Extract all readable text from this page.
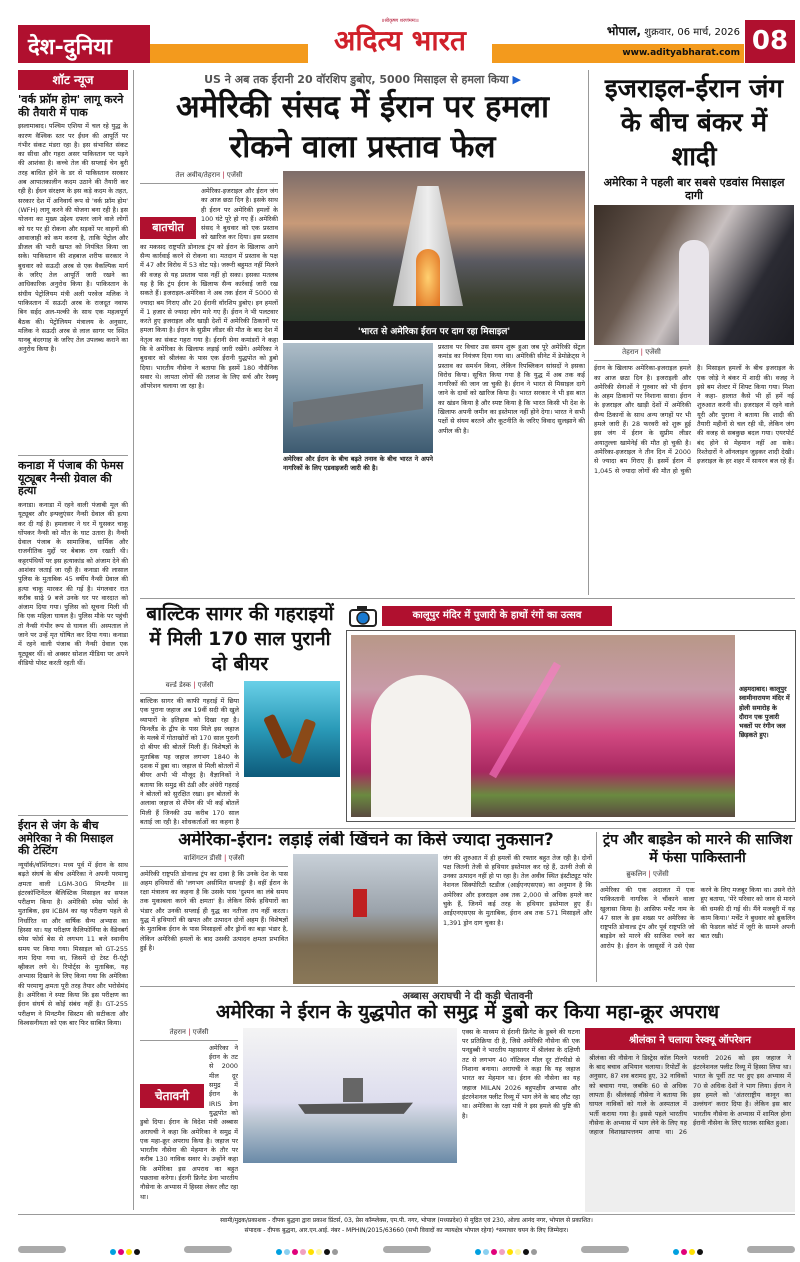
देश-दुनिया
॥श्रीकृष्ण शरणंममः॥
अदित्य भारत	भोपाल, शुक्रवार, 06 मार्च, 2026
www.adityabharat.com 08
शॉट न्यूज
'वर्क फ्रॉम होम' लागू करने की तैयारी में पाक
इस्लामाबाद। पश्चिम एशिया में चल रहे युद्ध के कारण वैश्विक स्तर पर ईंधन की आपूर्ति पर गंभीर संकट मंडरा रहा है। इस संभावित संकट का सीधा और गहरा असर पाकिस्तान पर पड़ने की आशंका है। कच्चे तेल की सप्लाई चेन बुरी तरह बाधित होने के डर से पाकिस्तान सरकार अब आपातकालीन कदम उठाने की तैयारी कर रही है। ईंधन संरक्षण के इस कड़े कदम के तहत, सरकार देश में अनिवार्य रूप से 'वर्क फ्रॉम होम' (WFH) लागू करने की योजना बना रही है। इस योजना का मुख्य उद्देश्य दफ्तर जाने वाले लोगों को घर पर ही रोकना और सड़कों पर वाहनों की आवाजाही को कम करना है, ताकि पेट्रोल और डीजल की भारी खपत को नियंत्रित किया जा सके। पाकिस्तान की शहबाज शरीफ सरकार ने बुधवार को सऊदी अरब से एक वैकल्पिक मार्ग के जरिए तेल आपूर्ति जारी रखने का आधिकारिक अनुरोध किया है। पाकिस्तान के संघीय पेट्रोलियम मंत्री अली परवेज मलिक ने पाकिस्तान में सऊदी अरब के राजदूत नवाफ बिन सईद अल-मल्की के साथ एक महत्वपूर्ण बैठक की। पेट्रोलियम मंत्रालय के अनुसार, मलिक ने सऊदी अरब से लाल सागर पर स्थित यानबू बंदरगाह के जरिए तेल उपलब्ध कराने का अनुरोध किया है।
कनाडा में पंजाब की फेमस यूट्यूबर नैन्सी ग्रेवाल की हत्या
कनाडा। कनाडा में रहने वाली पंजाबी मूल की यूट्यूबर और इन्फ्लुएंसर नैन्सी ग्रेवाल की हत्या कर दी गई है। हमलावर ने घर में घुसकर चाकू घोंपकर नैन्सी को मौत के घाट उतारा है। नैन्सी ग्रेवाल पंजाब के सामाजिक, धार्मिक और राजनीतिक मुद्दों पर बेबाक राय रखती थी। कट्टरपंथियों पर इस हत्याकांड को अंजाम देने की आशंका जताई जा रही है। कनाडा की लासाल पुलिस के मुताबिक 45 वर्षीय नैन्सी ग्रेवाल की हत्या चाकू मारकर की गई है। मंगलवार रात करीब साढ़े 9 बजे उनके घर पर वारदात को अंजाम दिया गया। पुलिस को सूचना मिली थी कि एक महिला घायल है। पुलिस मौके पर पहुंची तो नैन्सी गंभीर रूप से घायल थीं। अस्पताल ले जाने पर उन्हें मृत घोषित कर दिया गया। कनाडा में रहने वाली पंजाब की नैन्सी ग्रेवाल एक यूट्यूबर थीं। वो अक्सर सोशल मीडिया पर अपने वीडियो पोस्ट करती रहती थीं।
ईरान से जंग के बीच अमेरिका ने की मिसाइल की टेस्टिंग
न्यूयॉर्क/वॉशिंगटन। मध्य पूर्व में ईरान के साथ बढ़ते संघर्ष के बीच अमेरिका ने अपनी परमाणु क्षमता वाली LGM-30G मिनटमैन III इंटरकॉन्टिनेंटल बैलिस्टिक मिसाइल का सफल परीक्षण किया है। अमेरिकी स्पेस फोर्स के मुताबिक, इस ICBM का यह परीक्षण पहले से निर्धारित था और वार्षिक सैन्य अभ्यास का हिस्सा था। यह परीक्षण कैलिफोर्निया के वैंडेनबर्ग स्पेस फोर्स बेस से लगभग 11 बजे स्थानीय समय पर किया गया। मिसाइल को GT-255 नाम दिया गया था, जिसमें दो टेस्ट री-एंट्री व्हीकल लगे थे। रिपोर्ट्स के मुताबिक, यह अभ्यास दिखाने के लिए किया गया कि अमेरिका की परमाणु क्षमता पूरी तरह तैयार और भरोसेमंद है। अमेरिका ने स्पष्ट किया कि इस परीक्षण का ईरान संघर्ष से कोई संबंध नहीं है। GT-255 परीक्षण ने मिनटमैन सिस्टम की सटीकता और विश्वसनीयता को एक बार फिर साबित किया।
US ने अब तक ईरानी 20 वॉरशिप डुबोए, 5000 मिसाइल से हमला किया ▶
अमेरिकी संसद में ईरान पर हमला रोकने वाला प्रस्ताव फेल
तेल अवीव/तेहरान | एजेंसी
बातचीत
अमेरिका-इजराइल और ईरान जंग का आज छठा दिन है। इसके साथ ही ईरान पर अमेरिकी हमलों के 100 घंटे पूरे हो गए हैं। अमेरिकी संसद ने बुधवार को एक प्रस्ताव को खारिज कर दिया। इस प्रस्ताव का मकसद राष्ट्रपति डोनाल्ड ट्रंप को ईरान के खिलाफ आगे सैन्य कार्रवाई करने से रोकना था। मतदान में प्रस्ताव के पक्ष में 47 और विरोध में 53 वोट पड़े। जरूरी बहुमत नहीं मिलने की वजह से यह प्रस्ताव पास नहीं हो सका। इसका मतलब यह है कि ट्रंप ईरान के खिलाफ सैन्य कार्रवाई जारी रख सकते हैं। इजराइल-अमेरिका ने अब तक ईरान में 5000 से ज्यादा बम गिराए और 20 ईरानी वॉरशिप डुबोए। इन हमलों में 1 हजार से ज्यादा लोग मारे गए हैं। ईरान ने भी पलटवार करते हुए इजराइल और खाड़ी देशों में अमेरिकी ठिकानों पर हमला किया है। ईरान के सुप्रीम लीडर की मौत के बाद देश में नेतृत्व का संकट गहरा गया है। ईरानी सेना कमांडरों ने कहा कि वे अमेरिका के खिलाफ लड़ाई जारी रखेंगे। अमेरिका ने बुधवार को श्रीलंका के पास एक ईरानी युद्धपोत को डुबो दिया। भारतीय नौसेना ने बताया कि इसमें 180 नौसैनिक सवार थे। लापता लोगों की तलाश के लिए सर्च और रेस्क्यू ऑपरेशन चलाया जा रहा है।
'भारत से अमेरिका ईरान पर दाग रहा मिसाइल'
अमेरिका और ईरान के बीच बढ़ते तनाव के बीच भारत ने अपने नागरिकों के लिए एडवाइजरी जारी की है।
प्रस्ताव पर विचार उस समय शुरू हुआ जब पूरे अमेरिकी सेंट्रल कमांड का नियंत्रण दिया गया था। अमेरिकी सीनेट में डेमोक्रेट्स ने प्रस्ताव का समर्थन किया, लेकिन रिपब्लिकन सांसदों ने इसका विरोध किया। सूचित किया गया है कि युद्ध में अब तक कई नागरिकों की जान जा चुकी है। ईरान ने भारत से मिसाइल दागे जाने के दावों को खारिज किया है। भारत सरकार ने भी इस बात का खंडन किया है और स्पष्ट किया है कि भारत किसी भी देश के खिलाफ अपनी जमीन का इस्तेमाल नहीं होने देगा। भारत ने सभी पक्षों से संयम बरतने और कूटनीति के जरिए विवाद सुलझाने की अपील की है।
इजराइल-ईरान जंग के बीच बंकर में शादी
अमेरिका ने पहली बार सबसे एडवांस मिसाइल दागी
तेहरान | एजेंसी
ईरान के खिलाफ अमेरिका-इजराइल हमले का आज छठा दिन है। इजराइली और अमेरिकी सेनाओं ने गुरुवार को भी ईरान के अहम ठिकानों पर निशाना साधा। ईरान के इजराइल और खाड़ी देशों में अमेरिकी सैन्य ठिकानों के साथ अन्य जगहों पर भी हमले जारी हैं। 28 फरवरी को शुरू हुई इस जंग में ईरान के सुप्रीम लीडर अयातुल्ला खामेनेई की मौत हो चुकी है। अमेरिका-इजराइल ने तीन दिन में 2000 से ज्यादा बम गिराए हैं। इसमें ईरान में 1,045 से ज्यादा लोगों की मौत हो चुकी है। मिसाइल हमलों के बीच इजराइल के एक जोड़े ने बंकर में शादी की। वजह ने इसे बम शेल्टर में शिफ्ट किया गया। मिशा ने कहा- हालात कैसे भी हों हमें नई शुरुआत करनी थी। इजराइल में रहने वाले यूरी और पुराना ने बताया कि शादी की तैयारी महीनों से चल रही थी, लेकिन जंग की वजह से सबकुछ बदल गया। एयरपोर्ट बंद होने से मेहमान नहीं आ सके। रिश्तेदारों ने ऑनलाइन जुड़कर शादी देखी। इजराइल के हर शहर में सायरन बज रहे हैं।
बाल्टिक सागर की गहराइयों में मिली 170 साल पुरानी दो बीयर
वर्ल्ड डेस्क | एजेंसी
बाल्टिक सागर की काफी गहराई में छिपा एक पुराना जहाज अब 19वीं सदी की खुले व्यापारों के इतिहास को दिखा रहा है। फिनलैंड के द्वीप के पास मिले इस जहाज के मलबे में गोताखोरों को 170 साल पुरानी दो बीयर की बोतलें मिली हैं। विशेषज्ञों के मुताबिक यह जहाज लगभग 1840 के दशक में डूबा था। जहाज से मिली बोतलों में बीयर अभी भी मौजूद है। वैज्ञानिकों ने बताया कि समुद्र की ठंडी और अंधेरी गहराई ने बोतलों को सुरक्षित रखा। इन बोतलों के अलावा जहाज से शैंपेन की भी कई बोतलें मिली हैं जिनकी उम्र करीब 170 साल बताई जा रही है। शोधकर्ताओं का कहना है
कालूपुर मंदिर में पुजारी के हाथों रंगों का उत्सव
अहमदाबाद। कालूपुर स्वामीनारायण मंदिर में होली समारोह के दौरान एक पुजारी भक्तों पर रंगीन जल छिड़कते हुए।
अमेरिका-ईरान: लड़ाई लंबी खिंचने का किसे ज्यादा नुकसान?
वाशिंगटन डीसी | एजेंसी
अमेरिकी राष्ट्रपति डोनाल्ड ट्रंप का दावा है कि उनके देश के पास अहम हथियारों की 'लगभग असीमित सप्लाई' है। वहीं ईरान के रक्षा मंत्रालय का कहना है कि उसके पास 'दुश्मन का लंबे समय तक मुकाबला करने की क्षमता' है। लेकिन सिर्फ हथियारों का भंडार और उनकी सप्लाई ही युद्ध का नतीजा तय नहीं करता। युद्ध में हथियारों की खपत और उत्पादन दोनों अहम हैं। विशेषज्ञों के मुताबिक ईरान के पास मिसाइलों और ड्रोनों का बड़ा भंडार है, लेकिन अमेरिकी हमलों के बाद उसकी उत्पादन क्षमता प्रभावित हुई है।
जंग की शुरुआत में ही हमलों की रफ्तार बहुत तेज रही है। दोनों पक्ष जितनी तेजी से हथियार इस्तेमाल कर रहे हैं, उतनी तेजी से उनका उत्पादन नहीं हो पा रहा है। तेल अवीव स्थित इंस्टीट्यूट फॉर नेशनल सिक्योरिटी स्टडीज (आईएनएसएस) का अनुमान है कि अमेरिका और इजराइल अब तक 2,000 से अधिक हमले कर चुके हैं, जिनमें कई तरह के हथियार इस्तेमाल हुए हैं। आईएनएसएस के मुताबिक, ईरान अब तक 571 मिसाइलें और 1,391 ड्रोन दाग चुका है।
ट्रंप और बाइडेन को मारने की साजिश में फंसा पाकिस्तानी
ब्रुकलिन | एजेंसी
अमेरिका की एक अदालत में एक पाकिस्तानी नागरिक ने चौंकाने वाला खुलासा किया है। आसिफ मर्चेंट नाम के 47 साल के इस शख्स पर अमेरिका के राष्ट्रपति डोनाल्ड ट्रंप और पूर्व राष्ट्रपति जो बाइडेन को मारने की साजिश रचने का आरोप है। ईरान के जासूसों ने उसे ऐसा करने के लिए मजबूर किया था। उसने रोते हुए बताया, 'मेरे परिवार को जान से मारने की धमकी दी गई थी। मैंने मजबूरी में यह काम किया।' मर्चेंट ने बुधवार को ब्रुकलिन की फेडरल कोर्ट में जूरी के सामने अपनी बात रखी।
अब्बास अराघची ने दी कड़ी चेतावनी
अमेरिका ने ईरान के युद्धपोत को समुद्र में डुबो कर किया महा-क्रूर अपराध
तेहरान | एजेंसी
चेतावनी
अमेरिका ने ईरान के तट से 2000 मील दूर समुद्र में ईरान के IRIS डेना युद्धपोत को डुबो दिया। ईरान के विदेश मंत्री अब्बास अराघची ने कहा कि अमेरिका ने समुद्र में एक महा-क्रूर अपराध किया है। जहाज पर भारतीय नौसेना की मेहमान के तौर पर करीब 130 नाविक सवार थे। उन्होंने कहा कि अमेरिका इस अपराध का बहुत पछतावा करेगा। ईरानी फ्रिगेट डेना भारतीय नौसेना के अभ्यास में हिस्सा लेकर लौट रहा था।
एक्स के माध्यम से ईरानी फ्रिगेट के डूबने की घटना पर प्रतिक्रिया दी है, जिसे अमेरिकी नौसेना की एक पनडुब्बी ने भारतीय महासागर में श्रीलंका के दक्षिणी तट से लगभग 40 नॉटिकल मील दूर टॉरपीडो से निशाना बनाया। अराघची ने कहा कि यह जहाज भारत का मेहमान था। ईरान की नौसेना का यह जहाज MILAN 2026 बहुपक्षीय अभ्यास और इंटरनेशनल फ्लीट रिव्यू में भाग लेने के बाद लौट रहा था। अमेरिका के रक्षा मंत्री ने इस हमले की पुष्टि की है।
श्रीलंका ने चलाया रेस्क्यू ऑपरेशन
श्रीलंका की नौसेना ने डिस्ट्रेस कॉल मिलने के बाद बचाव अभियान चलाया। रिपोर्टों के अनुसार, 87 शव बरामद हुए, 32 नाविकों को बचाया गया, जबकि 60 से अधिक लापता हैं। श्रीलंकाई नौसेना ने बताया कि घायल नाविकों को गाले के अस्पताल में भर्ती कराया गया है। इससे पहले भारतीय नौसेना के अभ्यास में भाग लेने के लिए यह जहाज विशाखापत्तनम आया था। 26 फरवरी 2026 को इस जहाज ने इंटरनेशनल फ्लीट रिव्यू में हिस्सा लिया था। भारत के पूर्वी तट पर हुए इस अभ्यास में 70 से अधिक देशों ने भाग लिया। ईरान ने इस हमले को 'अंतरराष्ट्रीय कानून का उल्लंघन' करार दिया है। लेकिन इस बार भारतीय नौसेना के अभ्यास में शामिल होना ईरानी नौसेना के लिए घातक साबित हुआ।
स्वामी/मुद्रक/प्रकाशक - दीपक बुद्धना द्वारा प्रकाश प्रिंटर्स, 03, प्रेस कॉम्प्लेक्स, एम.पी. नगर, भोपाल (मध्यप्रदेश) से मुद्रित एवं 230, ओल्ड आनंद नगर, भोपाल से प्रकाशित।
संपादक - दीपक बुद्धना, आर.एन.आई. नंबर - MPHIN/2015/63660 (सभी विवादों का न्यायक्षेत्र भोपाल रहेगा) *समाचार चयन के लिए जिम्मेदार।
